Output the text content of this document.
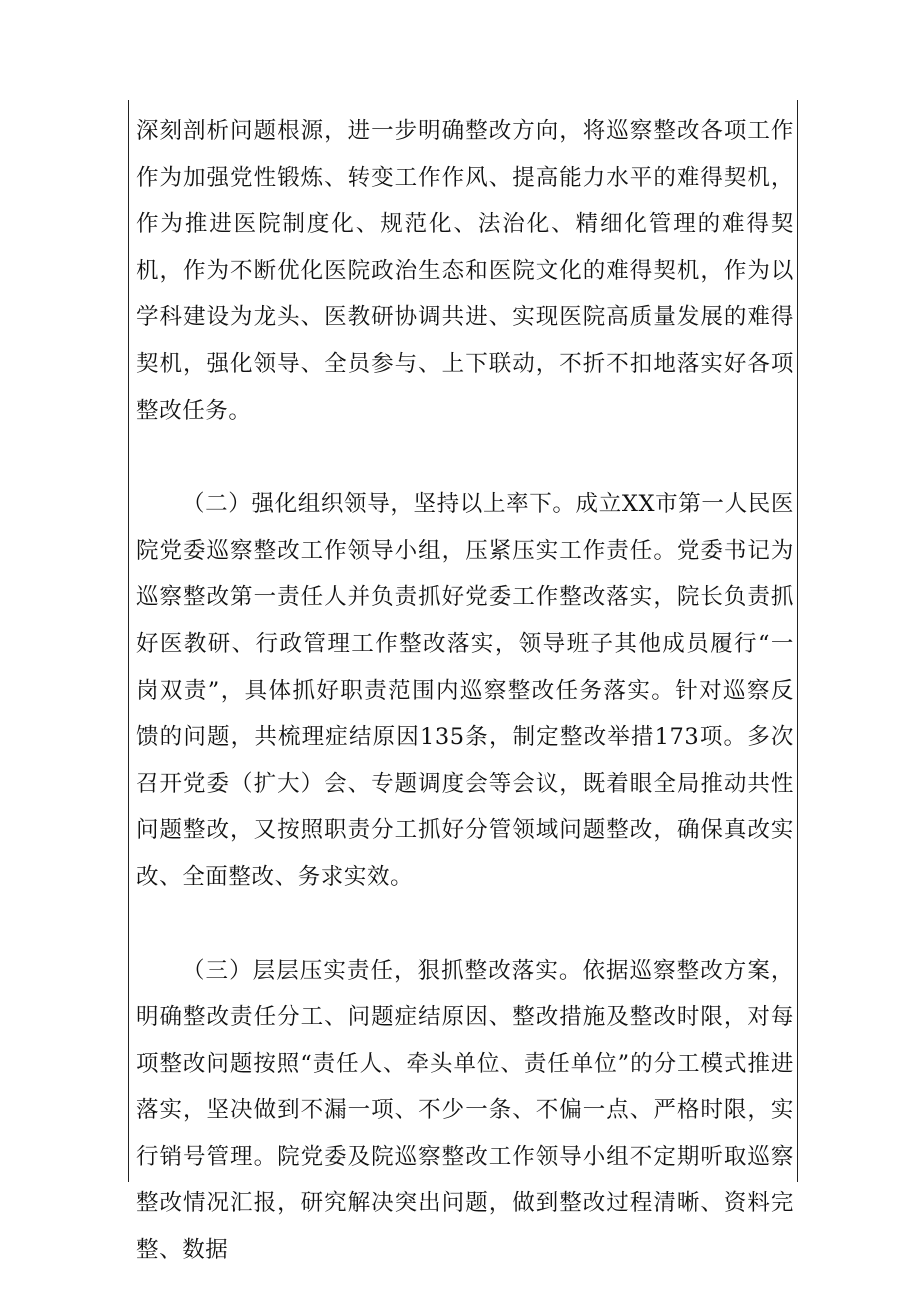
深刻剖析问题根源，进一步明确整改方向，将巡察整改各项工作作为加强党性锻炼、转变工作作风、提高能力水平的难得契机，作为推进医院制度化、规范化、法治化、精细化管理的难得契机，作为不断优化医院政治生态和医院文化的难得契机，作为以学科建设为龙头、医教研协调共进、实现医院高质量发展的难得契机，强化领导、全员参与、上下联动，不折不扣地落实好各项整改任务。

（二）强化组织领导，坚持以上率下。成立XX市第一人民医院党委巡察整改工作领导小组，压紧压实工作责任。党委书记为巡察整改第一责任人并负责抓好党委工作整改落实，院长负责抓好医教研、行政管理工作整改落实，领导班子其他成员履行“一岗双责”，具体抓好职责范围内巡察整改任务落实。针对巡察反馈的问题，共梳理症结原因135条，制定整改举措173项。多次召开党委（扩大）会、专题调度会等会议，既着眼全局推动共性问题整改，又按照职责分工抓好分管领域问题整改，确保真改实改、全面整改、务求实效。

（三）层层压实责任，狠抓整改落实。依据巡察整改方案，明确整改责任分工、问题症结原因、整改措施及整改时限，对每项整改问题按照“责任人、牵头单位、责任单位”的分工模式推进落实，坚决做到不漏一项、不少一条、不偏一点、严格时限，实行销号管理。院党委及院巡察整改工作领导小组不定期听取巡察整改情况汇报，研究解决突出问题，做到整改过程清晰、资料完整、数据
